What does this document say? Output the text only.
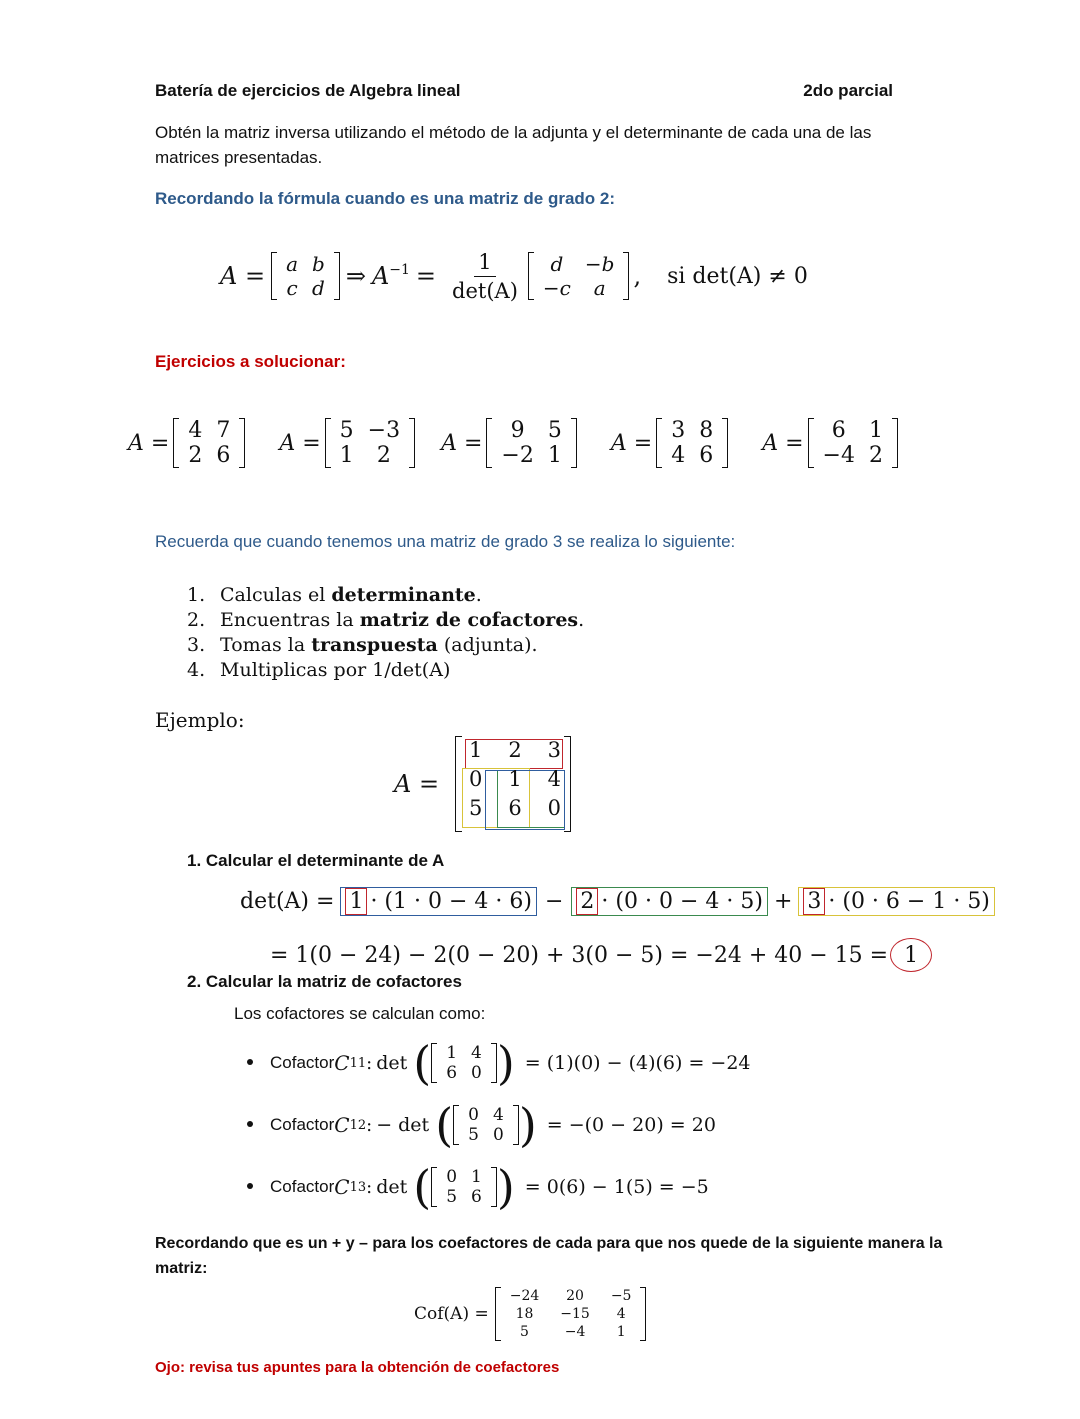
Batería de ejercicios de Algebra lineal	2do parcial
Obtén la matriz inversa utilizando el método de la adjunta y el determinante de cada una de las matrices presentadas.
Recordando la fórmula cuando es una matriz de grado 2:
A = a	b
c	d ⇒ $A^{-1} = \frac{1}{\det(A)}$ d	−b
−c	a , si det(A) ≠ 0
Ejercicios a solucionar:
A = 4	7
2	6 A = 5	−3
1	2 A = 9	5
−2	1 A = 3	8
4	6 A = 6	1
−4	2
Recuerda que cuando tenemos una matriz de grado 3 se realiza lo siguiente:
1. Calculas el determinante.
2. Encuentras la matriz de cofactores.
3. Tomas la transpuesta (adjunta).
4. Multiplicas por 1/det(A)
Ejemplo:
A =
1 2 3
0 1 4
5 6 0
1. Calcular el determinante de A
det(A) = 1 · (1 · 0 − 4 · 6) − 2 · (0 · 0 − 4 · 5) + 3 · (0 · 6 − 1 · 5)
= 1(0 − 24) − 2(0 − 20) + 3(0 − 5) = −24 + 40 − 15 = 1
2. Calcular la matriz de cofactores
Los cofactores se calculan como:
Cofactor C 11 : det ( 1	4
6	0 ) = (1)(0) − (4)(6) = −24
Cofactor C 12 : − det ( 0	4
5	0 ) = −(0 − 20) = 20
Cofactor C 13 : det ( 0	1
5	6 ) = 0(6) − 1(5) = −5
Recordando que es un + y – para los coefactores de cada para que nos quede de la siguiente manera la matriz:
Cof(A) =
−24	20	−5
18	−15	4
5	−4	1
Ojo: revisa tus apuntes para la obtención de coefactores
